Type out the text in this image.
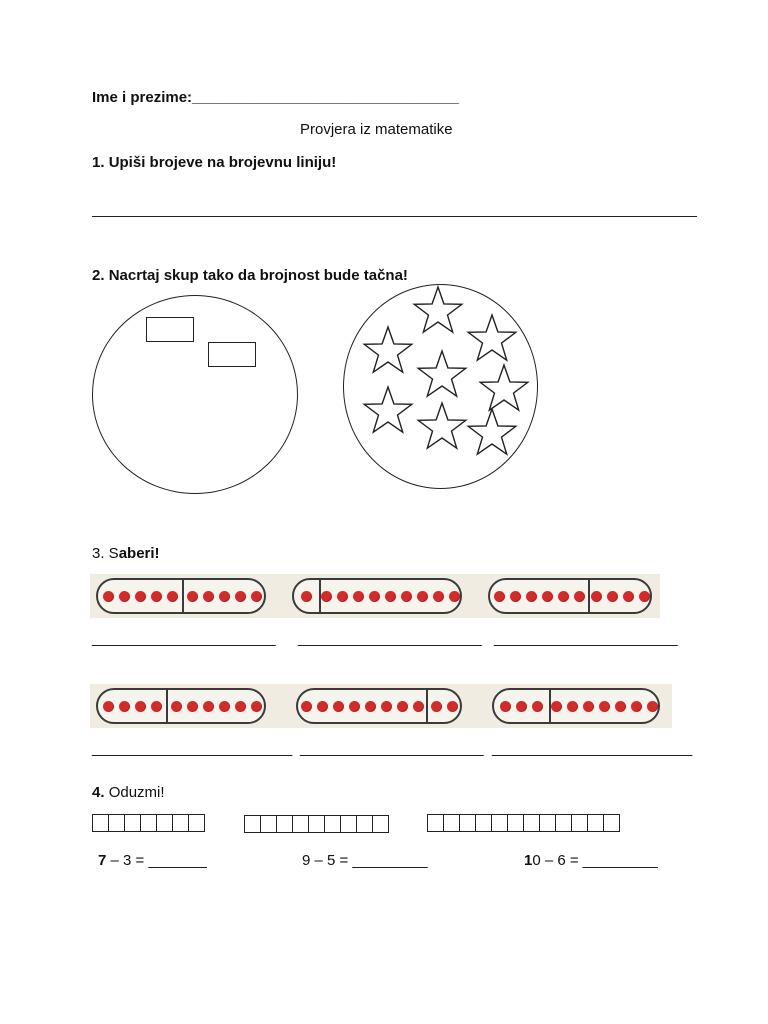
Ime i prezime:________________________________
Provjera iz matematike
1. Upiši brojeve na brojevnu liniju!
2. Nacrtaj skup tako da brojnost bude tačna!
3. Saberi!
______________________ ______________________ ______________________
________________________ ______________________ ________________________
4. Oduzmi!
7 – 3 = _______	9 – 5 = _________	10 – 6 = _________
